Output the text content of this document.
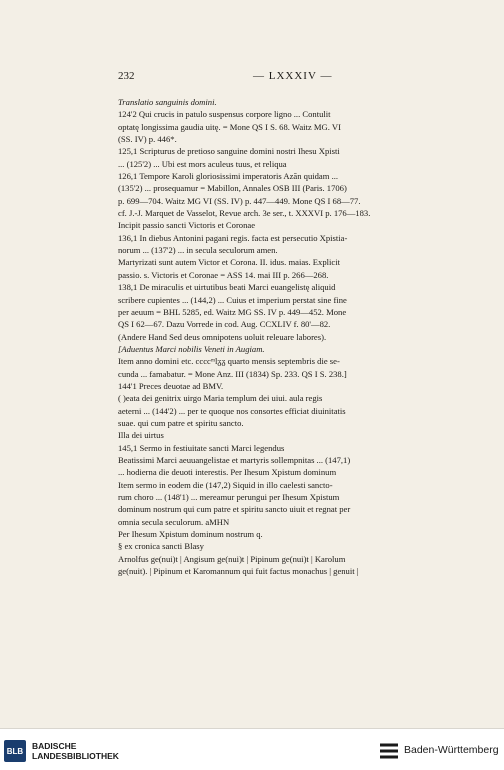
232	— LXXXIV —
Translatio sanguinis domini.
124'2 Qui crucis in patulo suspensus corpore ligno ... Contulit
optatę longissima gaudia uitę. = Mone QS I S. 68. Waitz MG. VI
(SS. IV) p. 446*.
125,1 Scripturus de pretioso sanguine domini nostri Ihesu Xpisti
... (125'2) ... Ubi est mors aculeus tuus, et reliqua
126,1 Tempore Karoli gloriosissimi imperatoris Azān quidam ...
(135'2) ... prosequamur = Mabillon, Annales OSB III (Paris. 1706)
p. 699—704. Waitz MG VI (SS. IV) p. 447—449. Mone QS I 68—77.
cf. J.-J. Marquet de Vasselot, Revue arch. 3e ser., t. XXXVI p. 176—183.
Incipit passio sancti Victoris et Coronae
136,1 In diebus Antonini pagani regis. facta est persecutio Xpistia-
norum ... (137'2) ... in secula seculorum amen.
Martyrizati sunt autem Victor et Corona. II. idus. maias. Explicit
passio. s. Victoris et Coronae = ASS 14. mai III p. 266—268.
138,1 De miraculis et uirtutibus beati Marci euangelistę aliquid
scribere cupientes ... (144,2) ... Cuius et imperium perstat sine fine
per aeuum = BHL 5285, ed. Waitz MG SS. IV p. 449—452. Mone
QS I 62—67. Dazu Vorrede in cod. Aug. CCXLIV f. 80'—82.
(Andere Hand Sed deus omnipotens uoluit releuare labores).
[Aduentus Marci nobilis Veneti in Augiam.
Item anno domini etc. ccccᵐlᵹᵹ quarto mensis septembris die se-
cunda ... famabatur. = Mone Anz. III (1834) Sp. 233. QS I S. 238.]
144'1 Preces deuotae ad BMV.
( )eata dei genitrix uirgo Maria templum dei uiui. aula regis
aeterni ... (144'2) ... per te quoque nos consortes efficiat diuinitatis
suae. qui cum patre et spiritu sancto.
Illa dei uirtus
145,1 Sermo in festiuitate sancti Marci legendus
Beatissimi Marci aeuuangelistae et martyris sollempnitas ... (147,1)
... hodierna die deuoti interestis. Per Ihesum Xpistum dominum
Item sermo in eodem die (147,2) Siquid in illo caelesti sancto-
rum choro ... (148'1) ... mereamur perungui per Ihesum Xpistum
dominum nostrum qui cum patre et spiritu sancto uiuit et regnat per
omnia secula seculorum. aMHN
Per Ihesum Xpistum dominum nostrum q.
§ ex cronica sancti Blasy
Arnolfus ge(nui)t | Angisum ge(nui)t | Pipinum ge(nui)t | Karolum
ge(nuit). | Pipinum et Karomannum qui fuit factus monachus | genuit |
BLB	BADISCHE
LANDESBIBLIOTHEK	Baden-Württemberg
